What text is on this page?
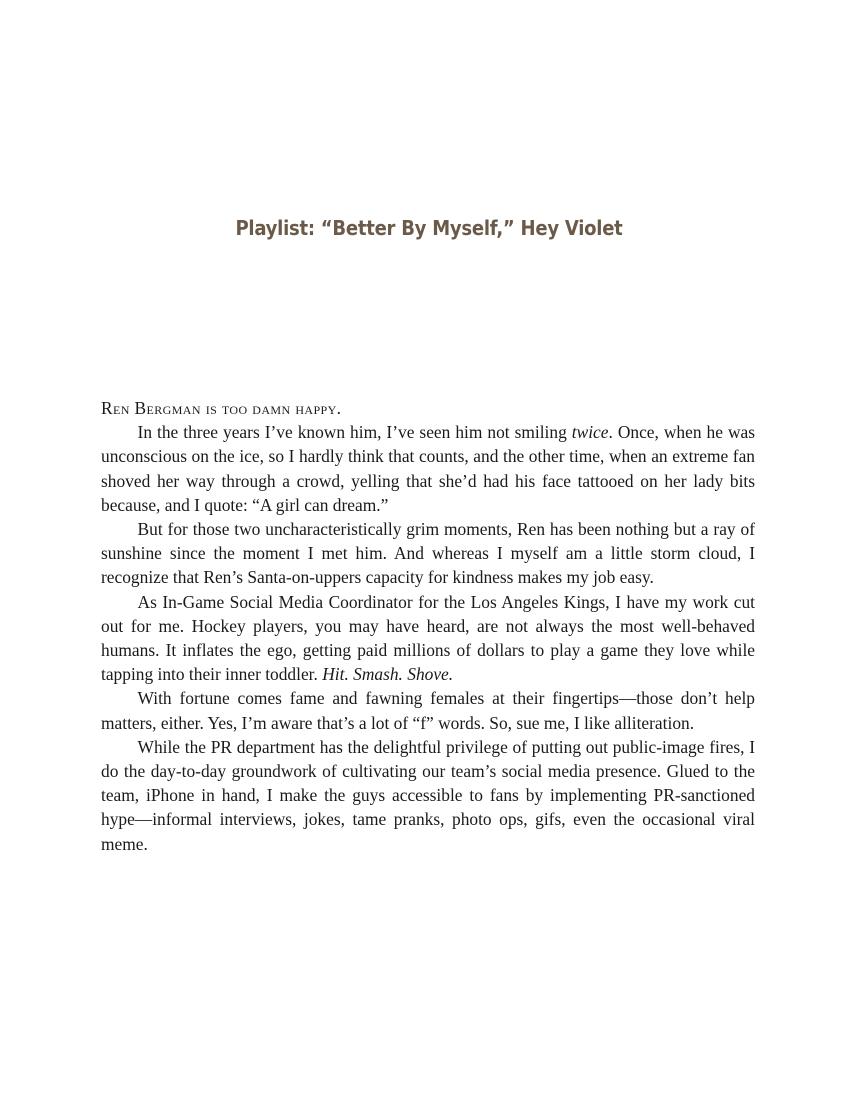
Playlist: “Better By Myself,” Hey Violet

Ren Bergman is too damn happy.

In the three years I’ve known him, I’ve seen him not smiling twice. Once, when he was unconscious on the ice, so I hardly think that counts, and the other time, when an extreme fan shoved her way through a crowd, yelling that she’d had his face tattooed on her lady bits because, and I quote: “A girl can dream.”

But for those two uncharacteristically grim moments, Ren has been nothing but a ray of sunshine since the moment I met him. And whereas I myself am a little storm cloud, I recognize that Ren’s Santa-on-uppers capacity for kindness makes my job easy.

As In-Game Social Media Coordinator for the Los Angeles Kings, I have my work cut out for me. Hockey players, you may have heard, are not always the most well-behaved humans. It inflates the ego, getting paid millions of dollars to play a game they love while tapping into their inner toddler. Hit. Smash. Shove.

With fortune comes fame and fawning females at their fingertips—those don’t help matters, either. Yes, I’m aware that’s a lot of “f” words. So, sue me, I like alliteration.

While the PR department has the delightful privilege of putting out public-image fires, I do the day-to-day groundwork of cultivating our team’s social media presence. Glued to the team, iPhone in hand, I make the guys accessible to fans by implementing PR-sanctioned hype—informal interviews, jokes, tame pranks, photo ops, gifs, even the occasional viral meme.
